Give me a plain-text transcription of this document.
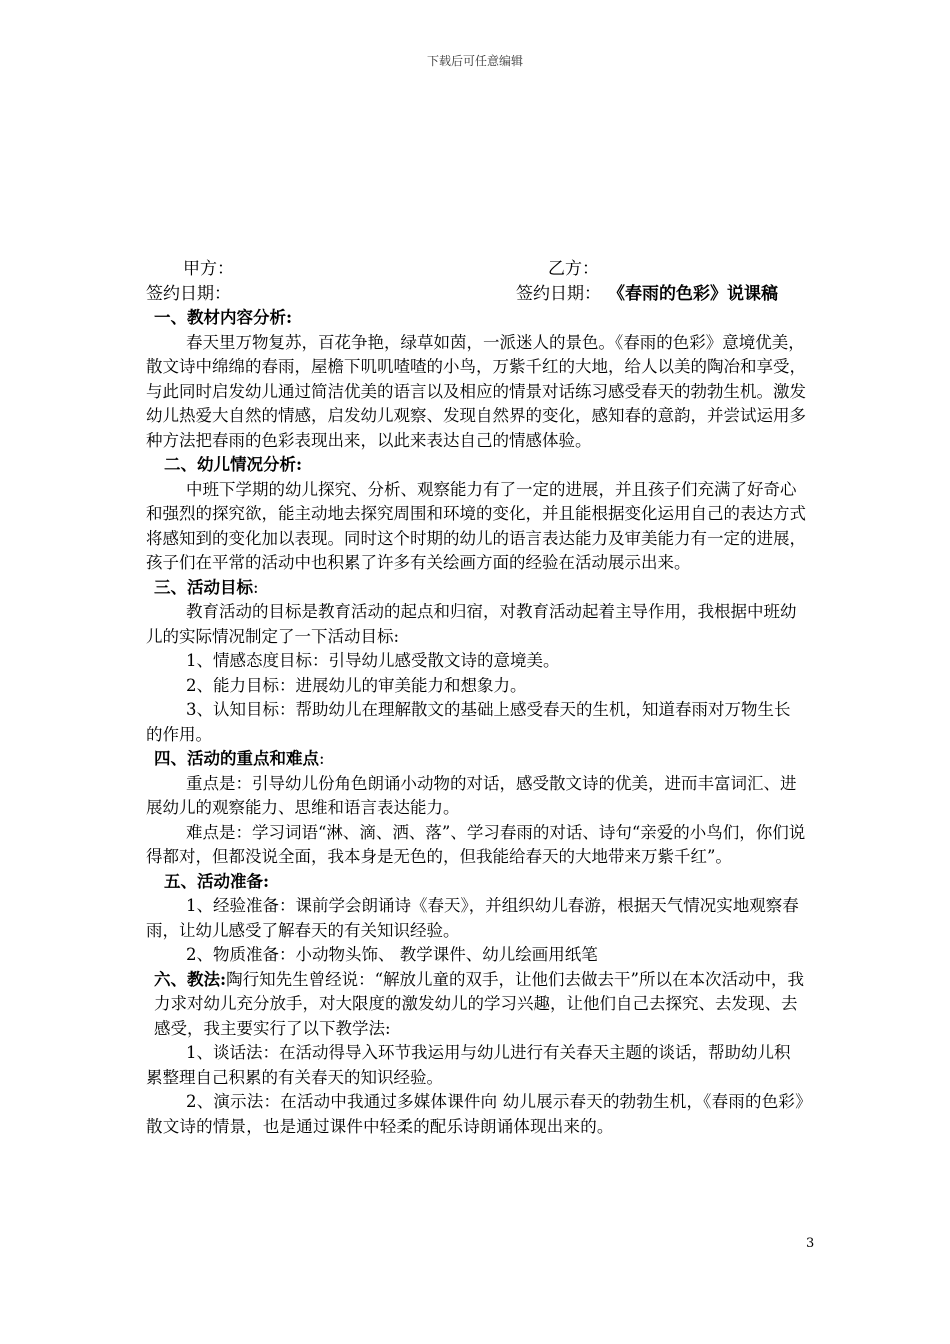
下载后可任意编辑
甲方：	乙方：
签约日期：	签约日期： 《春雨的色彩》说课稿

一、教材内容分析:

春天里万物复苏，百花争艳，绿草如茵，一派迷人的景色。《春雨的色彩》意境优美，散文诗中绵绵的春雨，屋檐下叽叽喳喳的小鸟，万紫千红的大地，给人以美的陶冶和享受，与此同时启发幼儿通过简洁优美的语言以及相应的情景对话练习感受春天的勃勃生机。激发幼儿热爱大自然的情感，启发幼儿观察、发现自然界的变化，感知春的意韵，并尝试运用多种方法把春雨的色彩表现出来，以此来表达自己的情感体验。

二、幼儿情况分析:

中班下学期的幼儿探究、分析、观察能力有了一定的进展，并且孩子们充满了好奇心和强烈的探究欲，能主动地去探究周围和环境的变化，并且能根据变化运用自己的表达方式将感知到的变化加以表现。同时这个时期的幼儿的语言表达能力及审美能力有一定的进展，孩子们在平常的活动中也积累了许多有关绘画方面的经验在活动展示出来。

三、活动目标:

教育活动的目标是教育活动的起点和归宿，对教育活动起着主导作用，我根据中班幼儿的实际情况制定了一下活动目标:

1、情感态度目标：引导幼儿感受散文诗的意境美。

2、能力目标：进展幼儿的审美能力和想象力。

3、认知目标：帮助幼儿在理解散文的基础上感受春天的生机，知道春雨对万物生长的作用。

四、活动的重点和难点:

重点是：引导幼儿份角色朗诵小动物的对话，感受散文诗的优美，进而丰富词汇、进展幼儿的观察能力、思维和语言表达能力。

难点是：学习词语“淋、滴、洒、落”、学习春雨的对话、诗句“亲爱的小鸟们，你们说得都对，但都没说全面，我本身是无色的，但我能给春天的大地带来万紫千红”。

五、活动准备:

1、经验准备：课前学会朗诵诗《春天》，并组织幼儿春游，根据天气情况实地观察春雨，让幼儿感受了解春天的有关知识经验。

2、物质准备：小动物头饰、 教学课件、幼儿绘画用纸笔

六、教法:陶行知先生曾经说：“解放儿童的双手，让他们去做去干”所以在本次活动中，我力求对幼儿充分放手，对大限度的激发幼儿的学习兴趣，让他们自己去探究、去发现、去感受，我主要实行了以下教学法:

1、谈话法：在活动得导入环节我运用与幼儿进行有关春天主题的谈话，帮助幼儿积累整理自己积累的有关春天的知识经验。

2、演示法：在活动中我通过多媒体课件向 幼儿展示春天的勃勃生机，《春雨的色彩》散文诗的情景，也是通过课件中轻柔的配乐诗朗诵体现出来的。

3
